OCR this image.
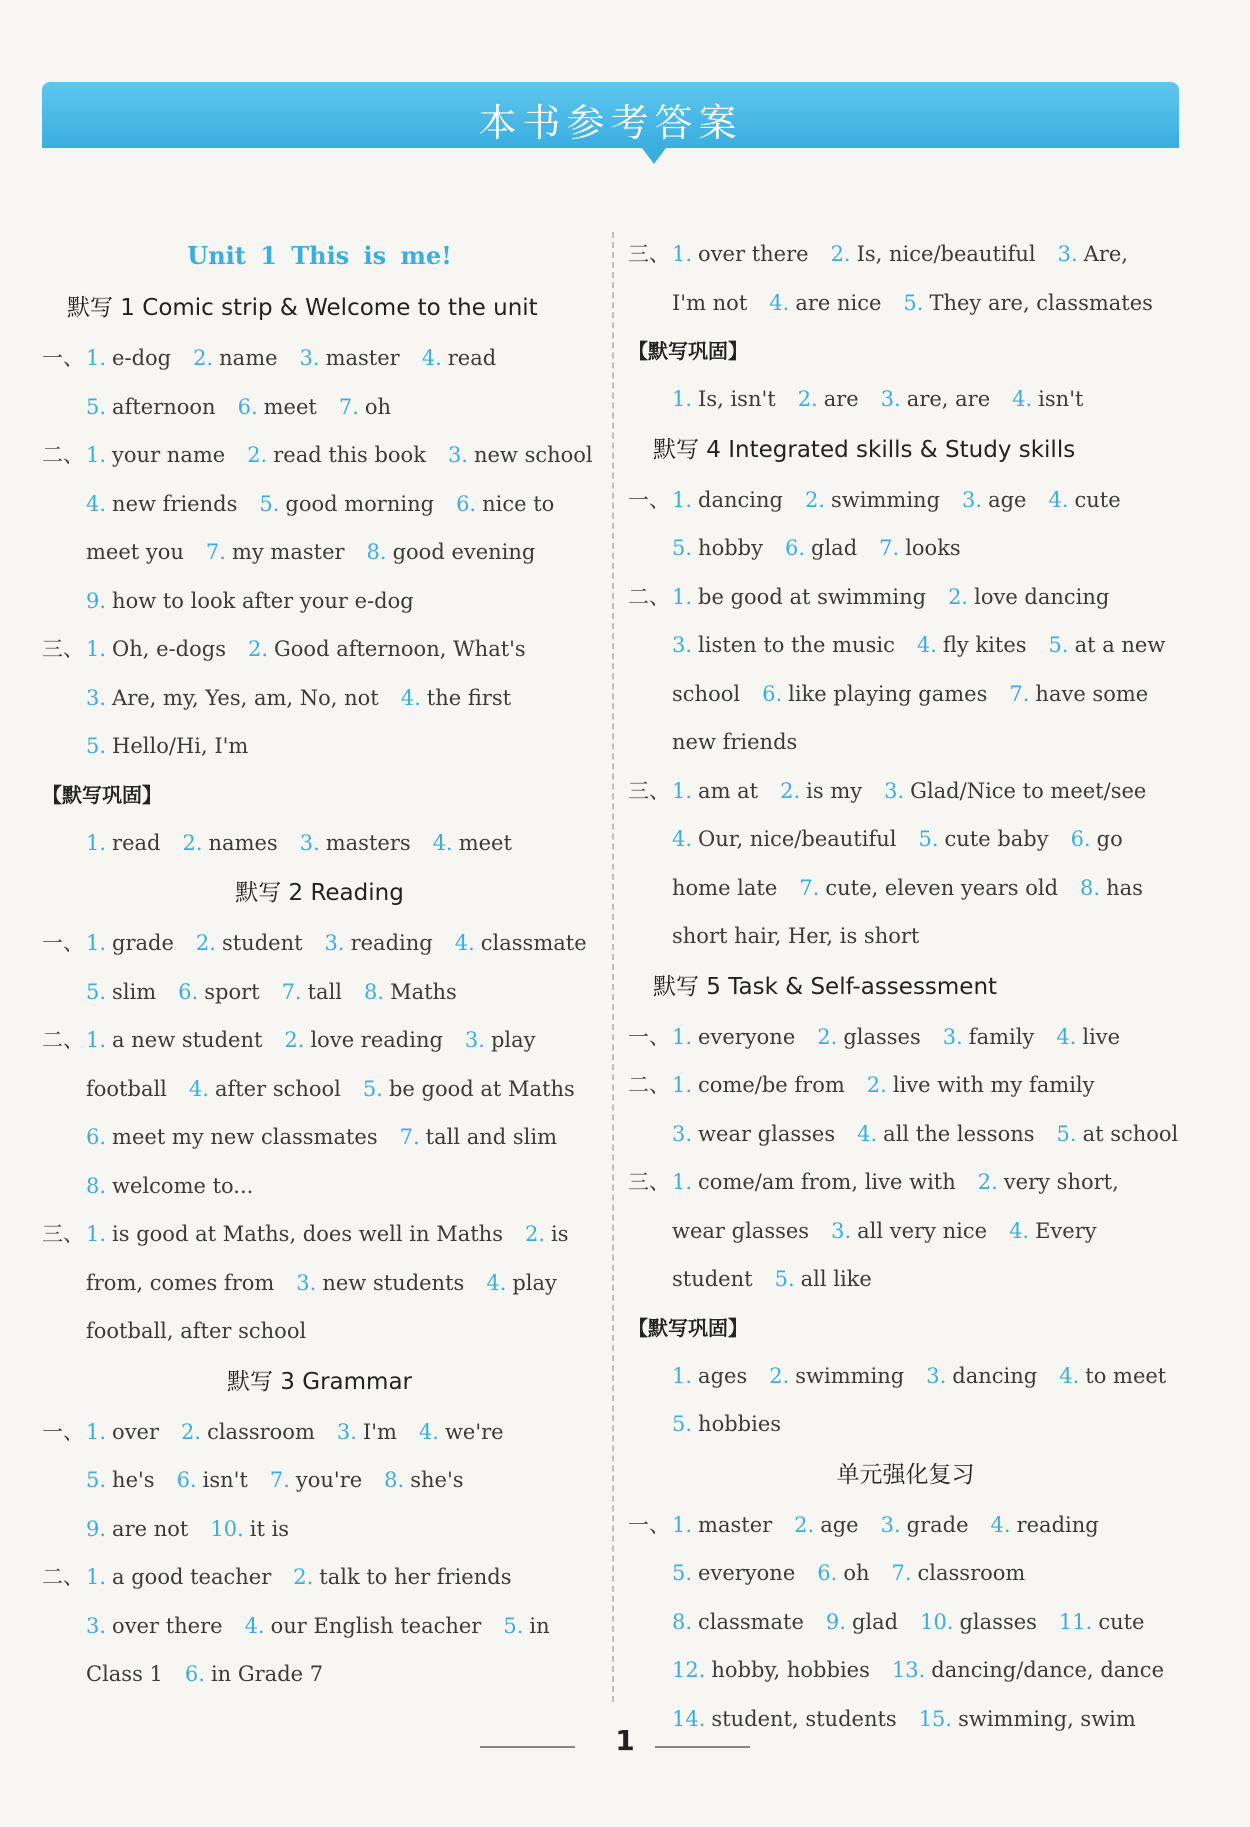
本书参考答案
Unit 1 This is me!
默写 1 Comic strip & Welcome to the unit
一、 1. e-dog 2. name 3. master 4. read
5. afternoon 6. meet 7. oh
二、 1. your name 2. read this book 3. new school
4. new friends 5. good morning 6. nice to
meet you 7. my master 8. good evening
9. how to look after your e-dog
三、 1. Oh, e-dogs 2. Good afternoon, What's
3. Are, my, Yes, am, No, not 4. the first
5. Hello/Hi, I'm
【默写巩固】
1. read 2. names 3. masters 4. meet
默写 2 Reading
一、 1. grade 2. student 3. reading 4. classmate
5. slim 6. sport 7. tall 8. Maths
二、 1. a new student 2. love reading 3. play
football 4. after school 5. be good at Maths
6. meet my new classmates 7. tall and slim
8. welcome to...
三、 1. is good at Maths, does well in Maths 2. is
from, comes from 3. new students 4. play
football, after school
默写 3 Grammar
一、 1. over 2. classroom 3. I'm 4. we're
5. he's 6. isn't 7. you're 8. she's
9. are not 10. it is
二、 1. a good teacher 2. talk to her friends
3. over there 4. our English teacher 5. in
Class 1 6. in Grade 7
三、 1. over there 2. Is, nice/beautiful 3. Are,
I'm not 4. are nice 5. They are, classmates
【默写巩固】
1. Is, isn't 2. are 3. are, are 4. isn't
默写 4 Integrated skills & Study skills
一、 1. dancing 2. swimming 3. age 4. cute
5. hobby 6. glad 7. looks
二、 1. be good at swimming 2. love dancing
3. listen to the music 4. fly kites 5. at a new
school 6. like playing games 7. have some
new friends
三、 1. am at 2. is my 3. Glad/Nice to meet/see
4. Our, nice/beautiful 5. cute baby 6. go
home late 7. cute, eleven years old 8. has
short hair, Her, is short
默写 5 Task & Self-assessment
一、 1. everyone 2. glasses 3. family 4. live
二、 1. come/be from 2. live with my family
3. wear glasses 4. all the lessons 5. at school
三、 1. come/am from, live with 2. very short,
wear glasses 3. all very nice 4. Every
student 5. all like
【默写巩固】
1. ages 2. swimming 3. dancing 4. to meet
5. hobbies
单元强化复习
一、 1. master 2. age 3. grade 4. reading
5. everyone 6. oh 7. classroom
8. classmate 9. glad 10. glasses 11. cute
12. hobby, hobbies 13. dancing/dance, dance
14. student, students 15. swimming, swim
1
